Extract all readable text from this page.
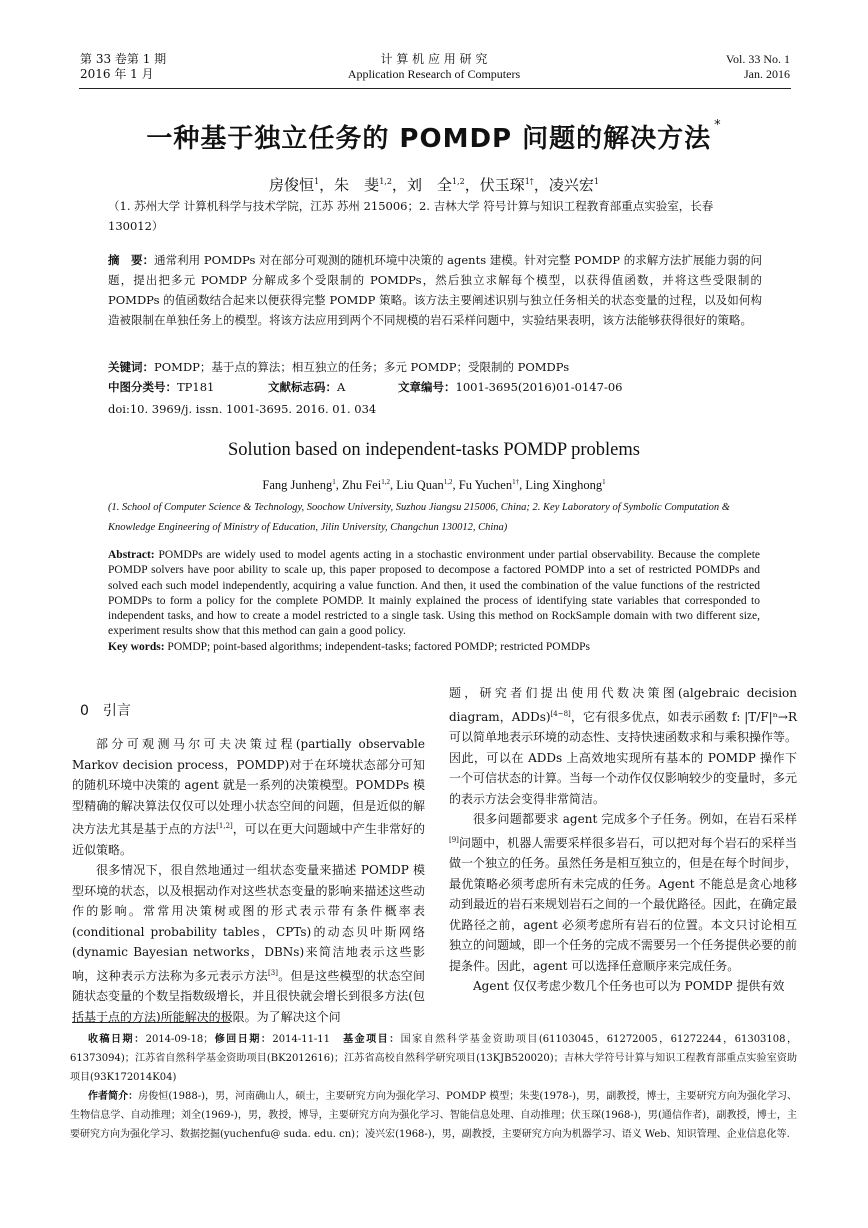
第 33 卷第 1 期
2016 年 1 月
计 算 机 应 用 研 究
Application Research of Computers
Vol. 33 No. 1
Jan. 2016
一种基于独立任务的 POMDP 问题的解决方法 *
房俊恒$^1$，朱　斐$^{1,2}$，刘　全$^{1,2}$，伏玉琛$^{1\dagger}$，凌兴宏$^1$
（1. 苏州大学 计算机科学与技术学院，江苏 苏州 215006；2. 吉林大学 符号计算与知识工程教育部重点实验室，长春 130012）
摘　要：通常利用 POMDPs 对在部分可观测的随机环境中决策的 agents 建模。针对完整 POMDP 的求解方法扩展能力弱的问题，提出把多元 POMDP 分解成多个受限制的 POMDPs，然后独立求解每个模型，以获得值函数，并将这些受限制的 POMDPs 的值函数结合起来以便获得完整 POMDP 策略。该方法主要阐述识别与独立任务相关的状态变量的过程，以及如何构造被限制在单独任务上的模型。将该方法应用到两个不同规模的岩石采样问题中，实验结果表明，该方法能够获得很好的策略。
关键词：POMDP；基于点的算法；相互独立的任务；多元 POMDP；受限制的 POMDPs
中图分类号：TP181	文献标志码：A	文章编号：1001-3695(2016)01-0147-06
doi:10. 3969/j. issn. 1001-3695. 2016. 01. 034
Solution based on independent-tasks POMDP problems
Fang Junheng$^1$, Zhu Fei$^{1,2}$, Liu Quan$^{1,2}$, Fu Yuchen$^{1\dagger}$, Ling Xinghong$^1$
(1. School of Computer Science & Technology, Soochow University, Suzhou Jiangsu 215006, China; 2. Key Laboratory of Symbolic Computation & Knowledge Engineering of Ministry of Education, Jilin University, Changchun 130012, China)
Abstract: POMDPs are widely used to model agents acting in a stochastic environment under partial observability. Because the complete POMDP solvers have poor ability to scale up, this paper proposed to decompose a factored POMDP into a set of restricted POMDPs and solved each such model independently, acquiring a value function. And then, it used the combination of the value functions of the restricted POMDPs to form a policy for the complete POMDP. It mainly explained the process of identifying state variables that corresponded to independent tasks, and how to create a model restricted to a single task. Using this method on RockSample domain with two different size, experiment results show that this method can gain a good policy.
Key words: POMDP; point-based algorithms; independent-tasks; factored POMDP; restricted POMDPs
0　引言

部分可观测马尔可夫决策过程(partially observable Markov decision process，POMDP)对于在环境状态部分可知的随机环境中决策的 agent 就是一系列的决策模型。POMDPs 模型精确的解决算法仅仅可以处理小状态空间的问题，但是近似的解决方法尤其是基于点的方法[1,2]，可以在更大问题域中产生非常好的近似策略。

很多情况下，很自然地通过一组状态变量来描述 POMDP 模型环境的状态，以及根据动作对这些状态变量的影响来描述这些动作的影响。常常用决策树或图的形式表示带有条件概率表(conditional probability tables，CPTs)的动态贝叶斯网络(dynamic Bayesian networks，DBNs)来简洁地表示这些影响，这种表示方法称为多元表示方法[3]。但是这些模型的状态空间随状态变量的个数呈指数级增长，并且很快就会增长到很多方法(包括基于点的方法)所能解决的极限。为了解决这个问

题，研究者们提出使用代数决策图(algebraic decision diagram，ADDs)[4~8]，它有很多优点，如表示函数 f: |T/F|ⁿ→R 可以简单地表示环境的动态性、支持快速函数求和与乘积操作等。因此，可以在 ADDs 上高效地实现所有基本的 POMDP 操作下一个可信状态的计算。当每一个动作仅仅影响较少的变量时，多元的表示方法会变得非常简洁。

很多问题都要求 agent 完成多个子任务。例如，在岩石采样[9]问题中，机器人需要采样很多岩石，可以把对每个岩石的采样当做一个独立的任务。虽然任务是相互独立的，但是在每个时间步，最优策略必须考虑所有未完成的任务。Agent 不能总是贪心地移动到最近的岩石来规划岩石之间的一个最优路径。因此，在确定最优路径之前，agent 必须考虑所有岩石的位置。本文只讨论相互独立的问题域，即一个任务的完成不需要另一个任务提供必要的前提条件。因此，agent 可以选择任意顺序来完成任务。

Agent 仅仅考虑少数几个任务也可以为 POMDP 提供有效

收稿日期：2014-09-18；修回日期：2014-11-11　基金项目：国家自然科学基金资助项目(61103045，61272005，61272244，61303108，61373094)；江苏省自然科学基金资助项目(BK2012616)；江苏省高校自然科学研究项目(13KJB520020)；吉林大学符号计算与知识工程教育部重点实验室资助项目(93K172014K04)
作者简介：房俊恒(1988-)，男，河南确山人，硕士，主要研究方向为强化学习、POMDP 模型；朱斐(1978-)，男，副教授，博士，主要研究方向为强化学习、生物信息学、自动推理；刘全(1969-)，男，教授，博导，主要研究方向为强化学习、智能信息处理、自动推理；伏玉琛(1968-)，男(通信作者)，副教授，博士，主要研究方向为强化学习、数据挖掘(yuchenfu@ suda. edu. cn)；凌兴宏(1968-)，男，副教授，主要研究方向为机器学习、语义 Web、知识管理、企业信息化等.
